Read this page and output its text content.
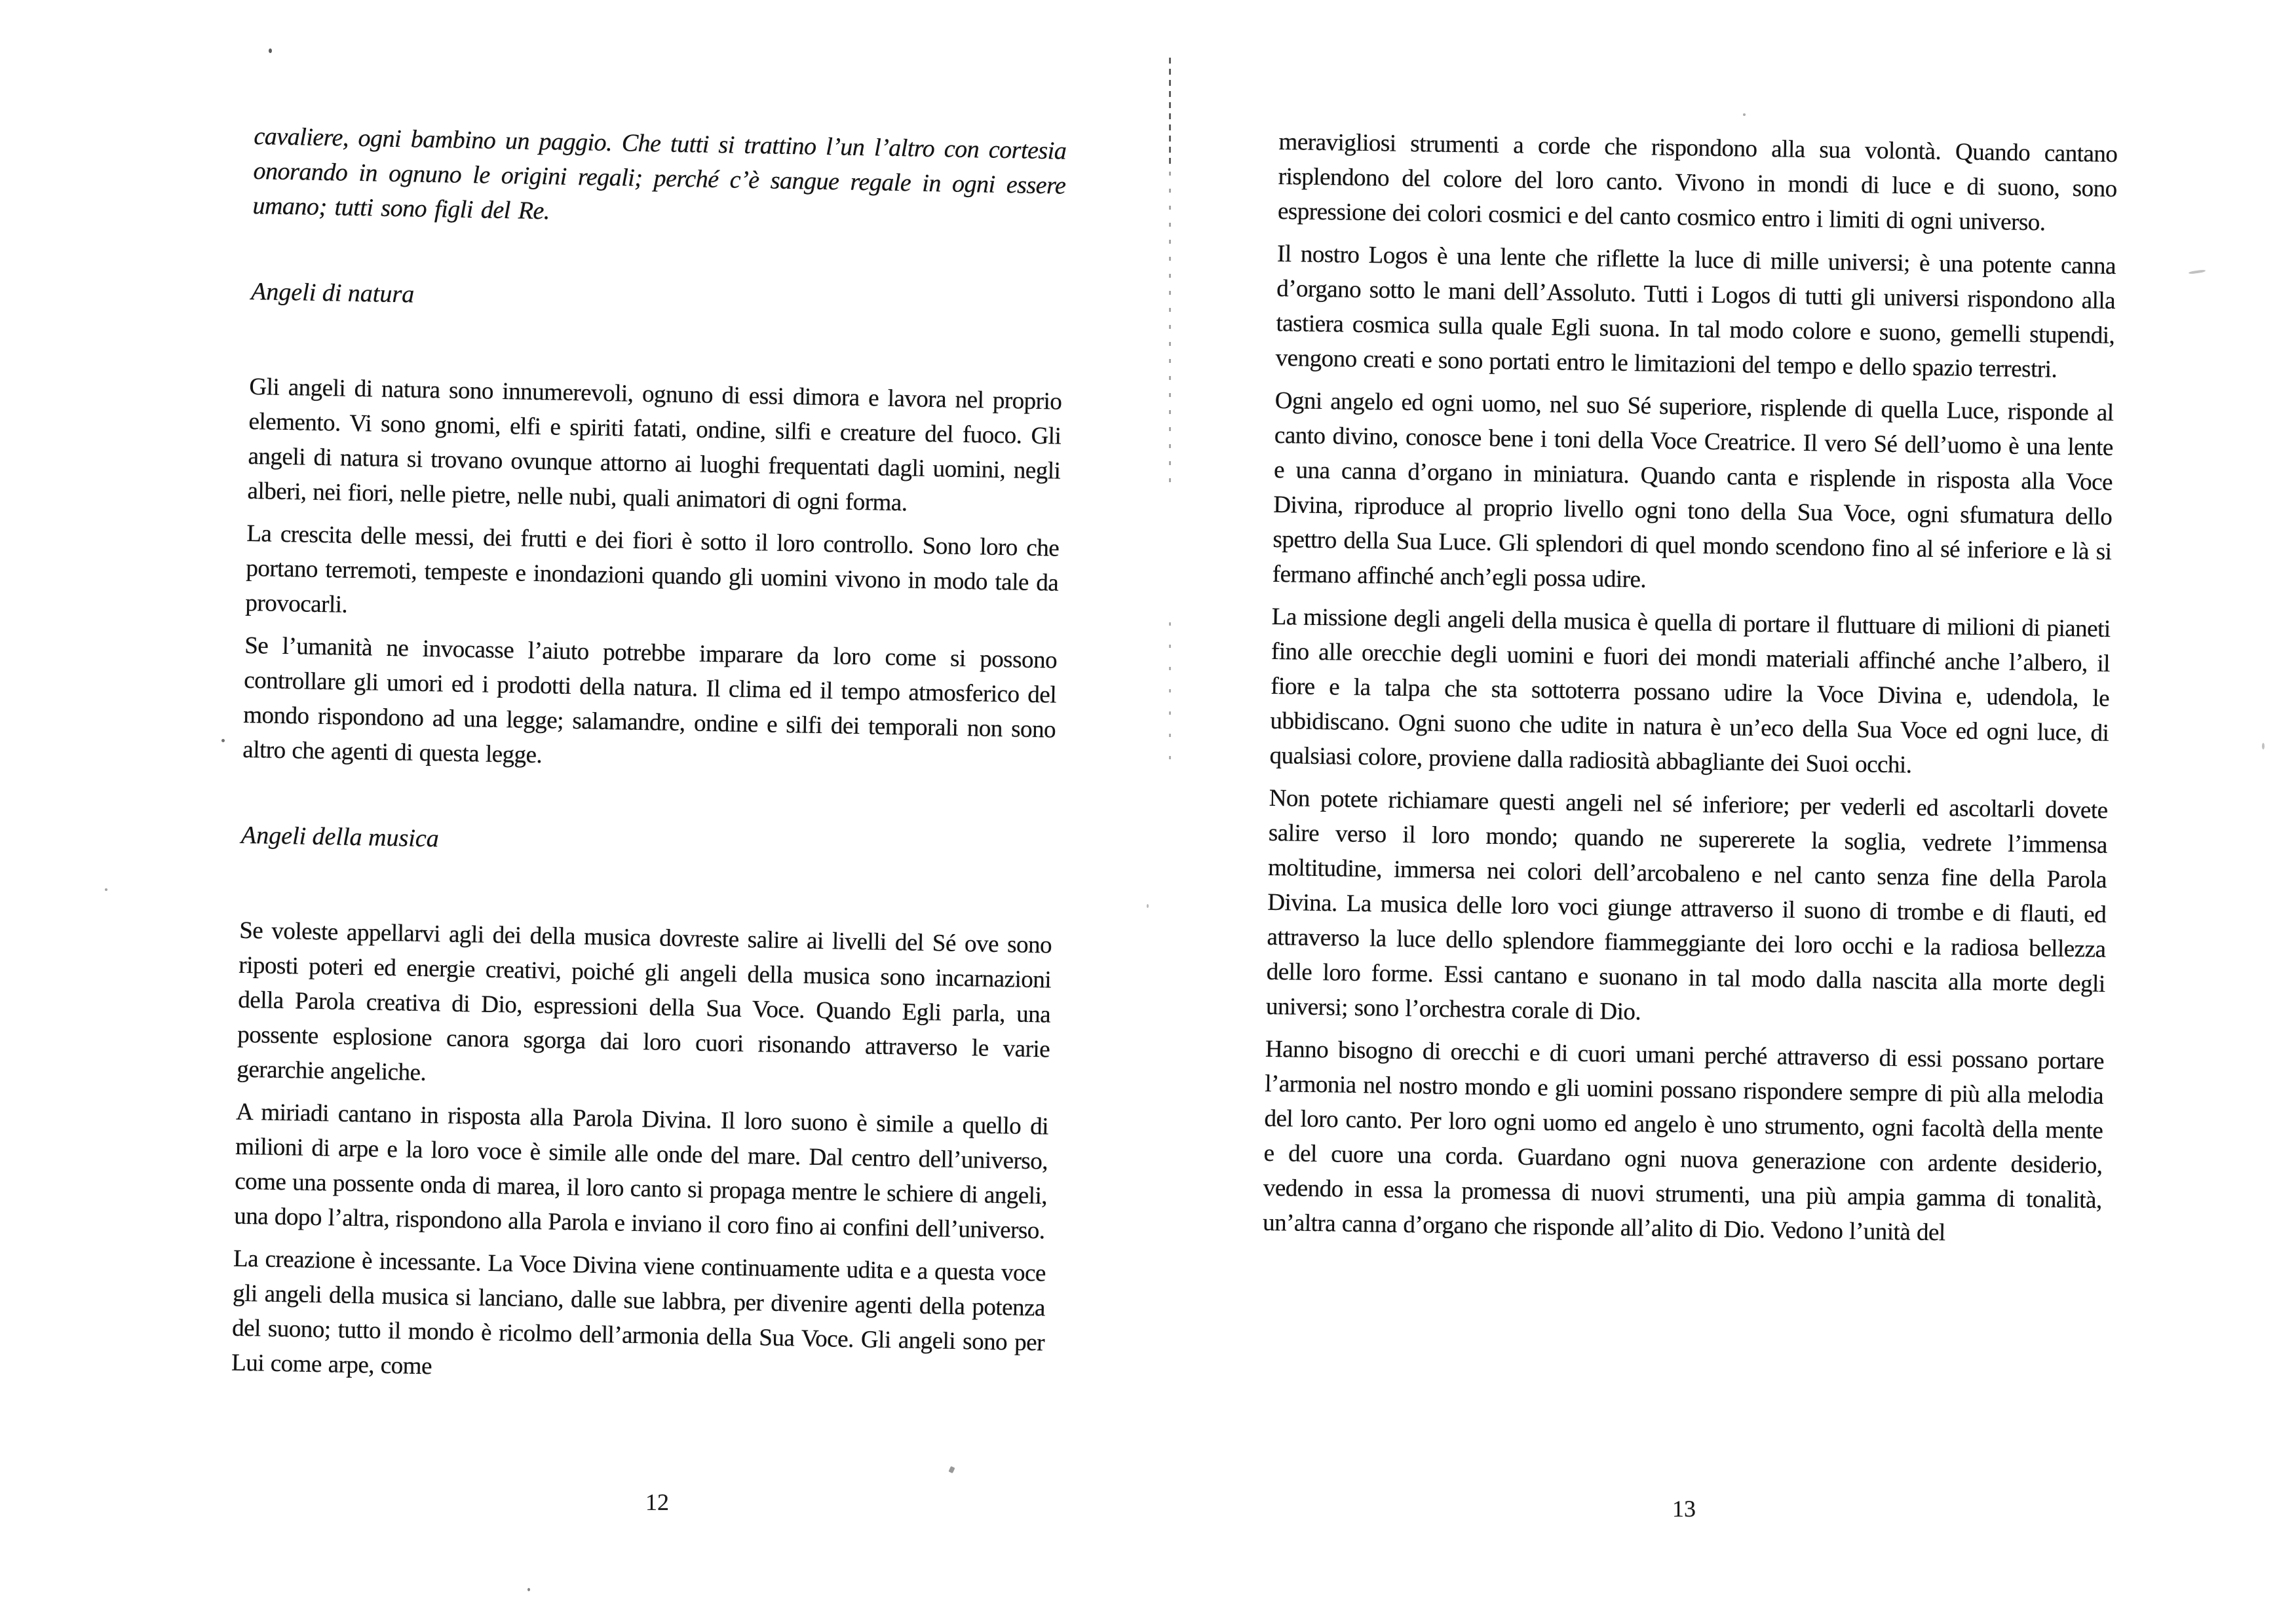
cavaliere, ogni bambino un paggio. Che tutti si trattino l’un l’altro con cortesia onorando in ognuno le origini regali; perché c’è sangue regale in ogni essere umano; tutti sono figli del Re.

Angeli di natura

Gli angeli di natura sono innumerevoli, ognuno di essi dimora e lavora nel proprio elemento. Vi sono gnomi, elfi e spiriti fatati, ondine, silfi e creature del fuoco. Gli angeli di natura si trovano ovunque attorno ai luoghi frequentati dagli uomini, negli alberi, nei fiori, nelle pietre, nelle nubi, quali animatori di ogni forma.

La crescita delle messi, dei frutti e dei fiori è sotto il loro controllo. Sono loro che portano terremoti, tempeste e inondazioni quando gli uomini vivono in modo tale da provocarli.

Se l’umanità ne invocasse l’aiuto potrebbe imparare da loro come si possono controllare gli umori ed i prodotti della natura. Il clima ed il tempo atmosferico del mondo rispondono ad una legge; salamandre, ondine e silfi dei temporali non sono altro che agenti di questa legge.

Angeli della musica

Se voleste appellarvi agli dei della musica dovreste salire ai livelli del Sé ove sono riposti poteri ed energie creativi, poiché gli angeli della musica sono incarnazioni della Parola creativa di Dio, espressioni della Sua Voce. Quando Egli parla, una possente esplosione canora sgorga dai loro cuori risonando attraverso le varie gerarchie angeliche.

A miriadi cantano in risposta alla Parola Divina. Il loro suono è simile a quello di milioni di arpe e la loro voce è simile alle onde del mare. Dal centro dell’universo, come una possente onda di marea, il loro canto si propaga mentre le schiere di angeli, una dopo l’altra, rispondono alla Parola e inviano il coro fino ai confini dell’universo.

La creazione è incessante. La Voce Divina viene continuamente udita e a questa voce gli angeli della musica si lanciano, dalle sue labbra, per divenire agenti della potenza del suono; tutto il mondo è ricolmo dell’armonia della Sua Voce. Gli angeli sono per Lui come arpe, come

meravigliosi strumenti a corde che rispondono alla sua volontà. Quando cantano risplendono del colore del loro canto. Vivono in mondi di luce e di suono, sono espressione dei colori cosmici e del canto cosmico entro i limiti di ogni universo.

Il nostro Logos è una lente che riflette la luce di mille universi; è una potente canna d’organo sotto le mani dell’Assoluto. Tutti i Logos di tutti gli universi rispondono alla tastiera cosmica sulla quale Egli suona. In tal modo colore e suono, gemelli stupendi, vengono creati e sono portati entro le limitazioni del tempo e dello spazio terrestri.

Ogni angelo ed ogni uomo, nel suo Sé superiore, risplende di quella Luce, risponde al canto divino, conosce bene i toni della Voce Creatrice. Il vero Sé dell’uomo è una lente e una canna d’organo in miniatura. Quando canta e risplende in risposta alla Voce Divina, riproduce al proprio livello ogni tono della Sua Voce, ogni sfumatura dello spettro della Sua Luce. Gli splendori di quel mondo scendono fino al sé inferiore e là si fermano affinché anch’egli possa udire.

La missione degli angeli della musica è quella di portare il fluttuare di milioni di pianeti fino alle orecchie degli uomini e fuori dei mondi materiali affinché anche l’albero, il fiore e la talpa che sta sottoterra possano udire la Voce Divina e, udendola, le ubbidiscano. Ogni suono che udite in natura è un’eco della Sua Voce ed ogni luce, di qualsiasi colore, proviene dalla radiosità abbagliante dei Suoi occhi.

Non potete richiamare questi angeli nel sé inferiore; per vederli ed ascoltarli dovete salire verso il loro mondo; quando ne supererete la soglia, vedrete l’immensa moltitudine, immersa nei colori dell’arcobaleno e nel canto senza fine della Parola Divina. La musica delle loro voci giunge attraverso il suono di trombe e di flauti, ed attraverso la luce dello splendore fiammeggiante dei loro occhi e la radiosa bellezza delle loro forme. Essi cantano e suonano in tal modo dalla nascita alla morte degli universi; sono l’orchestra corale di Dio.

Hanno bisogno di orecchi e di cuori umani perché attraverso di essi possano portare l’armonia nel nostro mondo e gli uomini possano rispondere sempre di più alla melodia del loro canto. Per loro ogni uomo ed angelo è uno strumento, ogni facoltà della mente e del cuore una corda. Guardano ogni nuova generazione con ardente desiderio, vedendo in essa la promessa di nuovi strumenti, una più ampia gamma di tonalità, un’altra canna d’organo che risponde all’alito di Dio. Vedono l’unità del

12	13
